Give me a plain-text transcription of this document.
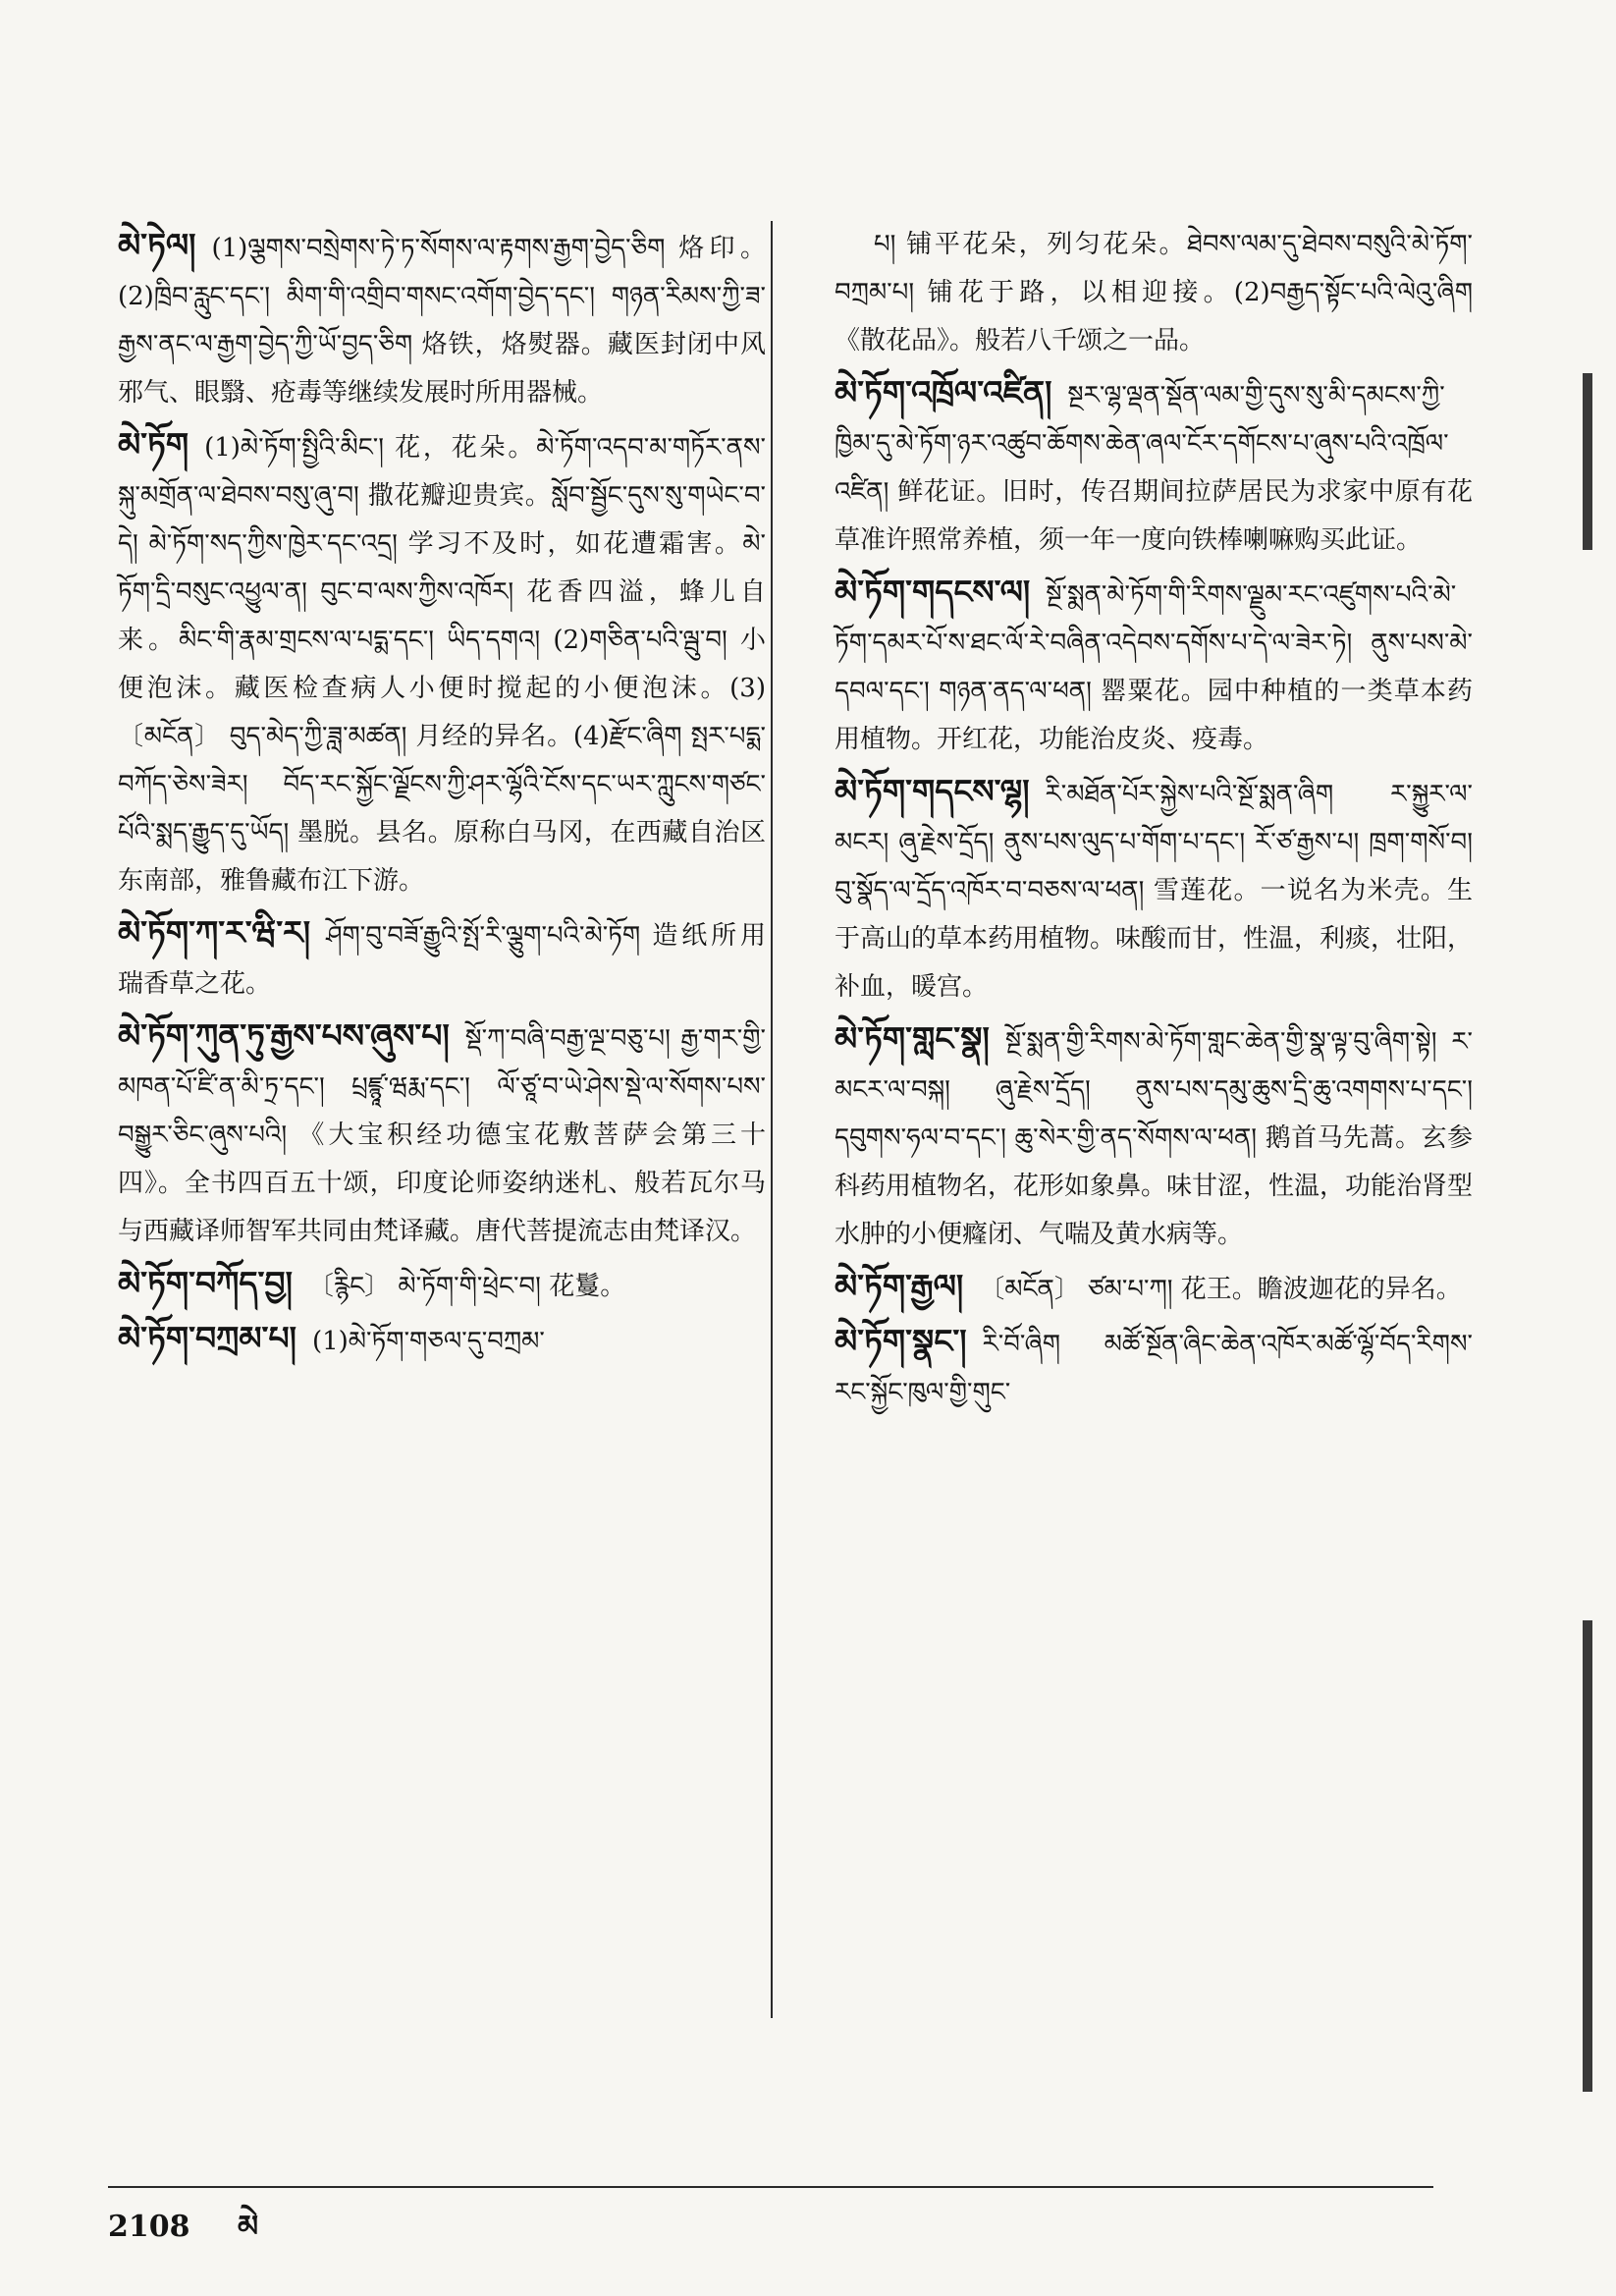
མེ་ཏེལ། (1)ལྕགས་བསྲེགས་ཏེ་ཏ་སོགས་ལ་རྟགས་རྒྱག་བྱེད་ཅིག 烙印。(2)ཁྲིབ་རླུང་དང་། མིག་གི་འགྲིབ་གསང་འགོག་བྱེད་དང་། གཉན་རིམས་ཀྱི་ཟ་རྒྱས་ནང་ལ་རྒྱག་བྱེད་ཀྱི་ཡོ་བྱད་ཅིག 烙铁，烙熨器。藏医封闭中风邪气、眼翳、疮毒等继续发展时所用器械。

མེ་ཏོག (1)མེ་ཏོག་སྤྱིའི་མིང་། 花，花朵。མེ་ཏོག་འདབ་མ་གཏོར་ནས་སྐུ་མགྲོན་ལ་ཐེབས་བསུ་ཞུ་བ། 撒花瓣迎贵宾。སློབ་སྦྱོང་དུས་སུ་གཡེང་བ་དེ། མེ་ཏོག་སད་ཀྱིས་ཁྱེར་དང་འདྲ། 学习不及时，如花遭霜害。མེ་ཏོག་དྲི་བསུང་འཕྱུལ་ན། བུང་བ་ལས་ཀྱིས་འཁོར། 花香四溢，蜂儿自来。མིང་གི་རྣམ་གྲངས་ལ་པདྨ་དང་། ཡིད་དགའ། (2)གཅིན་པའི་ལྦུ་བ། 小便泡沫。藏医检查病人小便时搅起的小便泡沫。(3)〔མངོན〕 བུད་མེད་ཀྱི་ཟླ་མཚན། 月经的异名。(4)རྫོང་ཞིག སྤར་པདྨ་བཀོད་ཅེས་ཟེར། བོད་རང་སྐྱོང་ལྗོངས་ཀྱི་ཤར་ལྷོའི་ངོས་དང་ཡར་ཀླུངས་གཙང་པོའི་སྨད་རྒྱུད་དུ་ཡོད། 墨脱。县名。原称白马冈，在西藏自治区东南部，雅鲁藏布江下游。

མེ་ཏོག་ཀ་ར་ཝི་ར། ཤོག་བུ་བཟོ་རྒྱུའི་སྤོ་རི་ལྕུག་པའི་མེ་ཏོག 造纸所用瑞香草之花。

མེ་ཏོག་ཀུན་ཏུ་རྒྱས་པས་ཞུས་པ། སྡོ་ཀ་བཞི་བརྒྱ་ལྔ་བཅུ་པ། རྒྱ་གར་གྱི་མཁན་པོ་ཛི་ན་མི་ཏྲ་དང་། པྲཛྙཱ་ཝརྨ་དང་། ལོ་ཙཱ་བ་ཡེ་ཤེས་སྡེ་ལ་སོགས་པས་བསྒྱུར་ཅིང་ཞུས་པའི། 《大宝积经功德宝花敷菩萨会第三十四》。全书四百五十颂，印度论师姿纳迷札、般若瓦尔马与西藏译师智军共同由梵译藏。唐代菩提流志由梵译汉。

མེ་ཏོག་བཀོད་བྱ། 〔རྙིང〕 མེ་ཏོག་གི་ཕྲེང་བ། 花鬘。

མེ་ཏོག་བཀྲམ་པ། (1)མེ་ཏོག་གཅལ་དུ་བཀྲམ་

པ། 铺平花朵，列匀花朵。ཐེབས་ལམ་དུ་ཐེབས་བསུའི་མེ་ཏོག་བཀྲམ་པ། 铺花于路，以相迎接。(2)བརྒྱད་སྟོང་པའི་ལེའུ་ཞིག 《散花品》。般若八千颂之一品。

མེ་ཏོག་འཁྲོལ་འཛིན། སྔར་ལྷ་ལྡན་སྡོན་ལམ་གྱི་དུས་སུ་མི་དམངས་ཀྱི་ཁྱིམ་དུ་མེ་ཏོག་ཉར་འཚུབ་ཆོགས་ཆེན་ཞལ་ངོར་དགོངས་པ་ཞུས་པའི་འཁྲོལ་འཛིན། 鲜花证。旧时，传召期间拉萨居民为求家中原有花草准许照常养植，须一年一度向铁棒喇嘛购买此证。

མེ་ཏོག་གདངས་ལ། སྔོ་སྨན་མེ་ཏོག་གི་རིགས་ལྗུམ་རང་འཛུགས་པའི་མེ་ཏོག་དམར་པོ་ས་ཐང་ལོ་རེ་བཞིན་འདེབས་དགོས་པ་དེ་ལ་ཟེར་ཏེ། ནུས་པས་མེ་དབལ་དང་། གཉན་ནད་ལ་ཕན། 罂粟花。园中种植的一类草本药用植物。开红花，功能治皮炎、疫毒。

མེ་ཏོག་གདངས་ལྷ། རི་མཐོན་པོར་སྐྱེས་པའི་སྔོ་སྨན་ཞིག ར་སྐྱུར་ལ་མངར། ཞུ་རྗེས་དྲོད། ནུས་པས་ལུད་པ་གོག་པ་དང་། རོ་ཙ་རྒྱས་པ། ཁྲག་གསོ་བ། བུ་སྣོད་ལ་དྲོད་འཁོར་བ་བཅས་ལ་ཕན། 雪莲花。一说名为米壳。生于高山的草本药用植物。味酸而甘，性温，利痰，壮阳，补血，暖宫。

མེ་ཏོག་གླང་སྣ། སྔོ་སྨན་གྱི་རིགས་མེ་ཏོག་གླང་ཆེན་གྱི་སྣ་ལྟ་བུ་ཞིག་སྟེ། ར་མངར་ལ་བསྐ། ཞུ་རྗེས་དྲོད། ནུས་པས་དམུ་ཆུས་དྲི་ཆུ་འགགས་པ་དང་། དབུགས་ཧལ་བ་དང་། ཆུ་སེར་གྱི་ནད་སོགས་ལ་ཕན། 鹅首马先蒿。玄参科药用植物名，花形如象鼻。味甘涩，性温，功能治肾型水肿的小便癃闭、气喘及黄水病等。

མེ་ཏོག་རྒྱལ། 〔མངོན〕 ཙམ་པ་ཀ། 花王。瞻波迦花的异名。

མེ་ཏོག་སྣང་། རི་བོ་ཞིག མཚོ་སྔོན་ཞིང་ཆེན་འཁོར་མཚོ་ལྷོ་བོད་རིགས་རང་སྐྱོང་ཁུལ་གྱི་གུང་

2108 མེ
